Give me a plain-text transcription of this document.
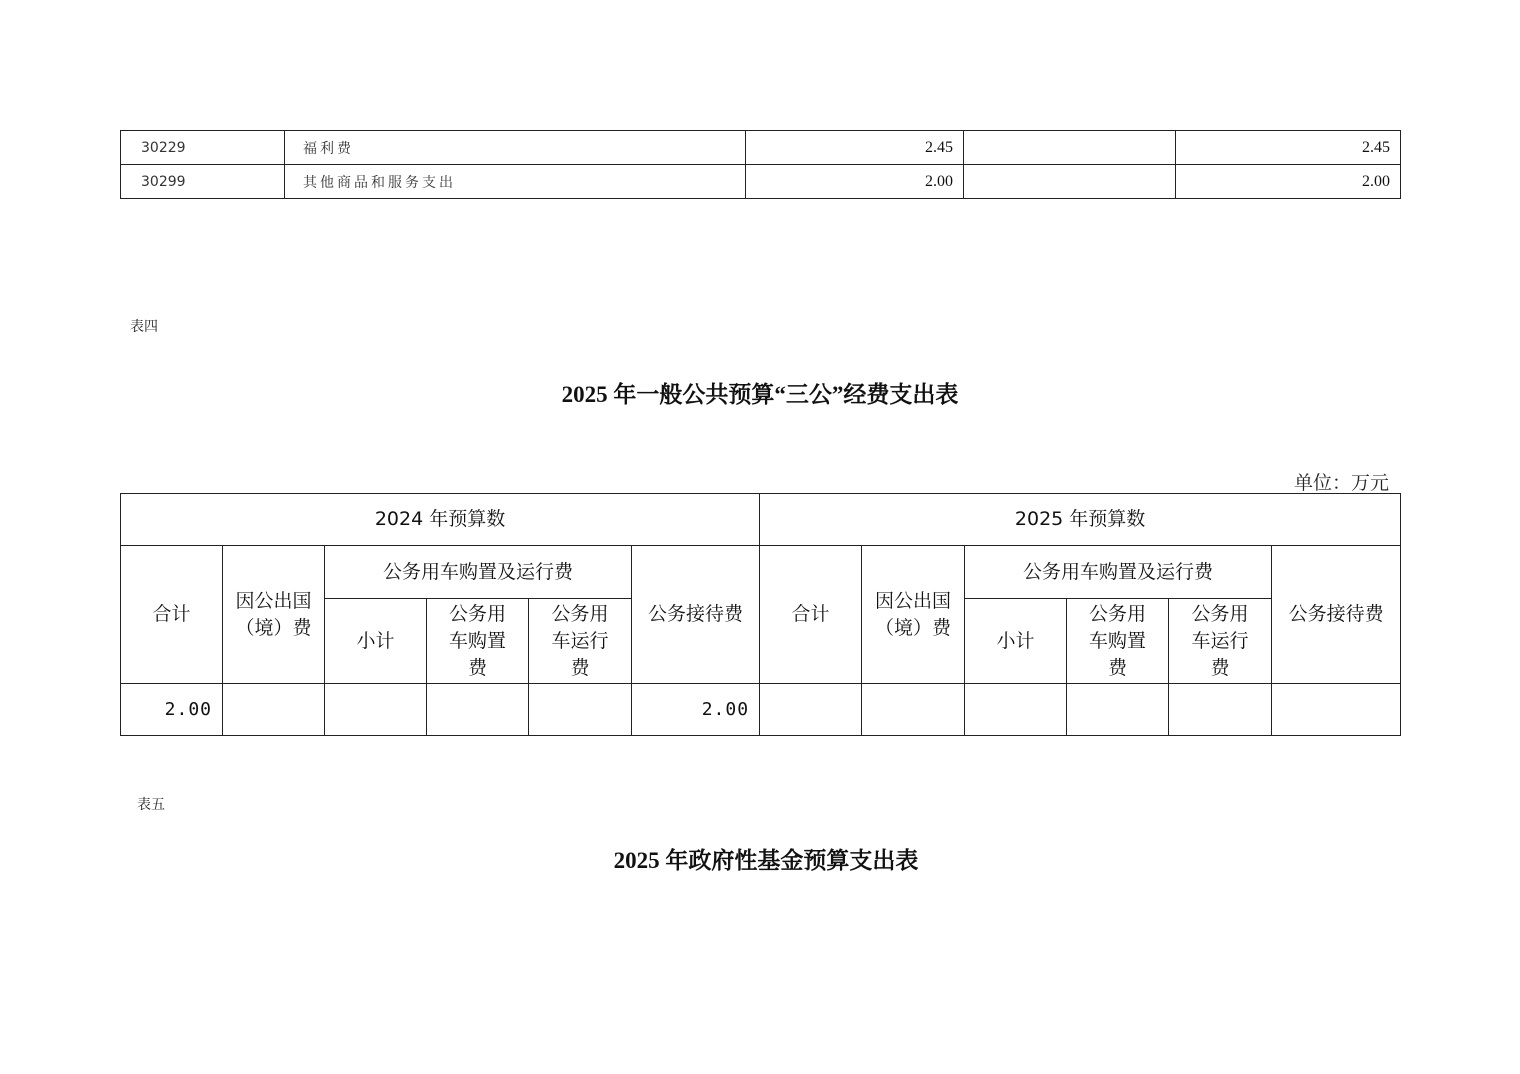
30229	福利费	2.45		2.45
30299	其他商品和服务支出	2.00		2.00
表四
2025 年一般公共预算“三公”经费支出表
单位：万元
2024 年预算数						2025 年预算数					
合计	因公出国（境）费	公务用车购置及运行费			公务接待费	合计	因公出国（境）费	公务用车购置及运行费			公务接待费
		小计	公务用车购置费	公务用车运行费				小计	公务用车购置费	公务用车运行费	
2.00					2.00						
表五
2025 年政府性基金预算支出表
